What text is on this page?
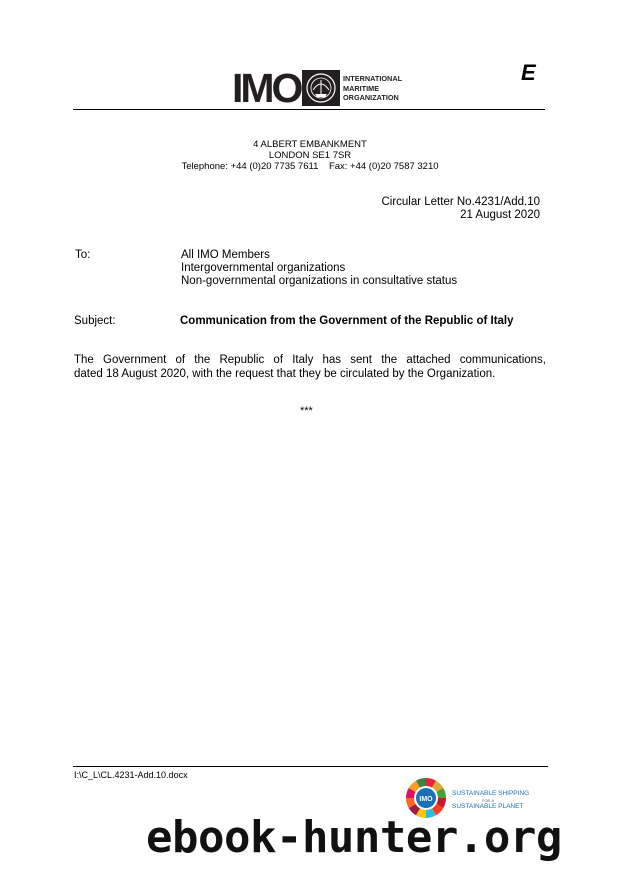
IMO	INTERNATIONAL
MARITIME
ORGANIZATION
E
4 ALBERT EMBANKMENT
LONDON SE1 7SR
Telephone: +44 (0)20 7735 7611 Fax: +44 (0)20 7587 3210
Circular Letter No.4231/Add.10
21 August 2020
To:	All IMO Members
Intergovernmental organizations
Non-governmental organizations in consultative status
Subject:	Communication from the Government of the Republic of Italy
The Government of the Republic of Italy has sent the attached communications,
dated 18 August 2020, with the request that they be circulated by the Organization.
***
I:\C_L\CL.4231-Add.10.docx
IMO
SUSTAINABLE SHIPPING
FOR A
SUSTAINABLE PLANET
ebook-hunter.org
